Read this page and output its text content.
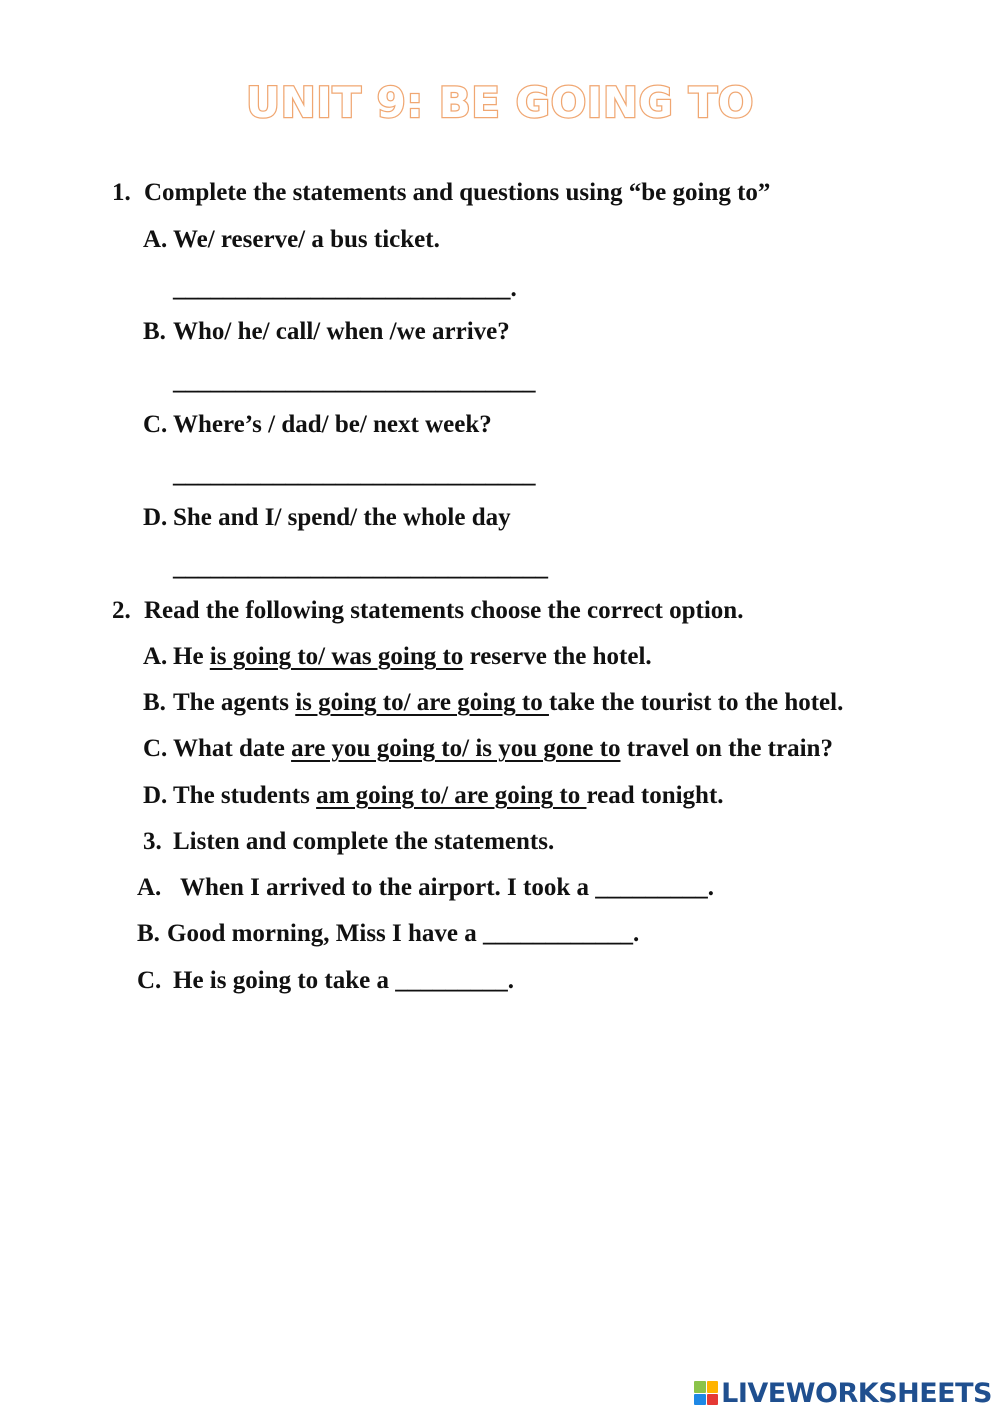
UNIT 9: BE GOING TO
1. Complete the statements and questions using “be going to”
A. We/ reserve/ a bus ticket.
___________________________.
B. Who/ he/ call/ when /we arrive?
_____________________________
C. Where’s / dad/ be/ next week?
_____________________________
D. She and I/ spend/ the whole day
______________________________
2. Read the following statements choose the correct option.
A. He is going to/ was going to reserve the hotel.
B. The agents is going to/ are going to take the tourist to the hotel.
C. What date are you going to/ is you gone to travel on the train?
D. The students am going to/ are going to read tonight.
3. Listen and complete the statements.
A. When I arrived to the airport. I took a _________.
B. Good morning, Miss I have a ____________.
C. He is going to take a _________.
LIVEWORKSHEETS
